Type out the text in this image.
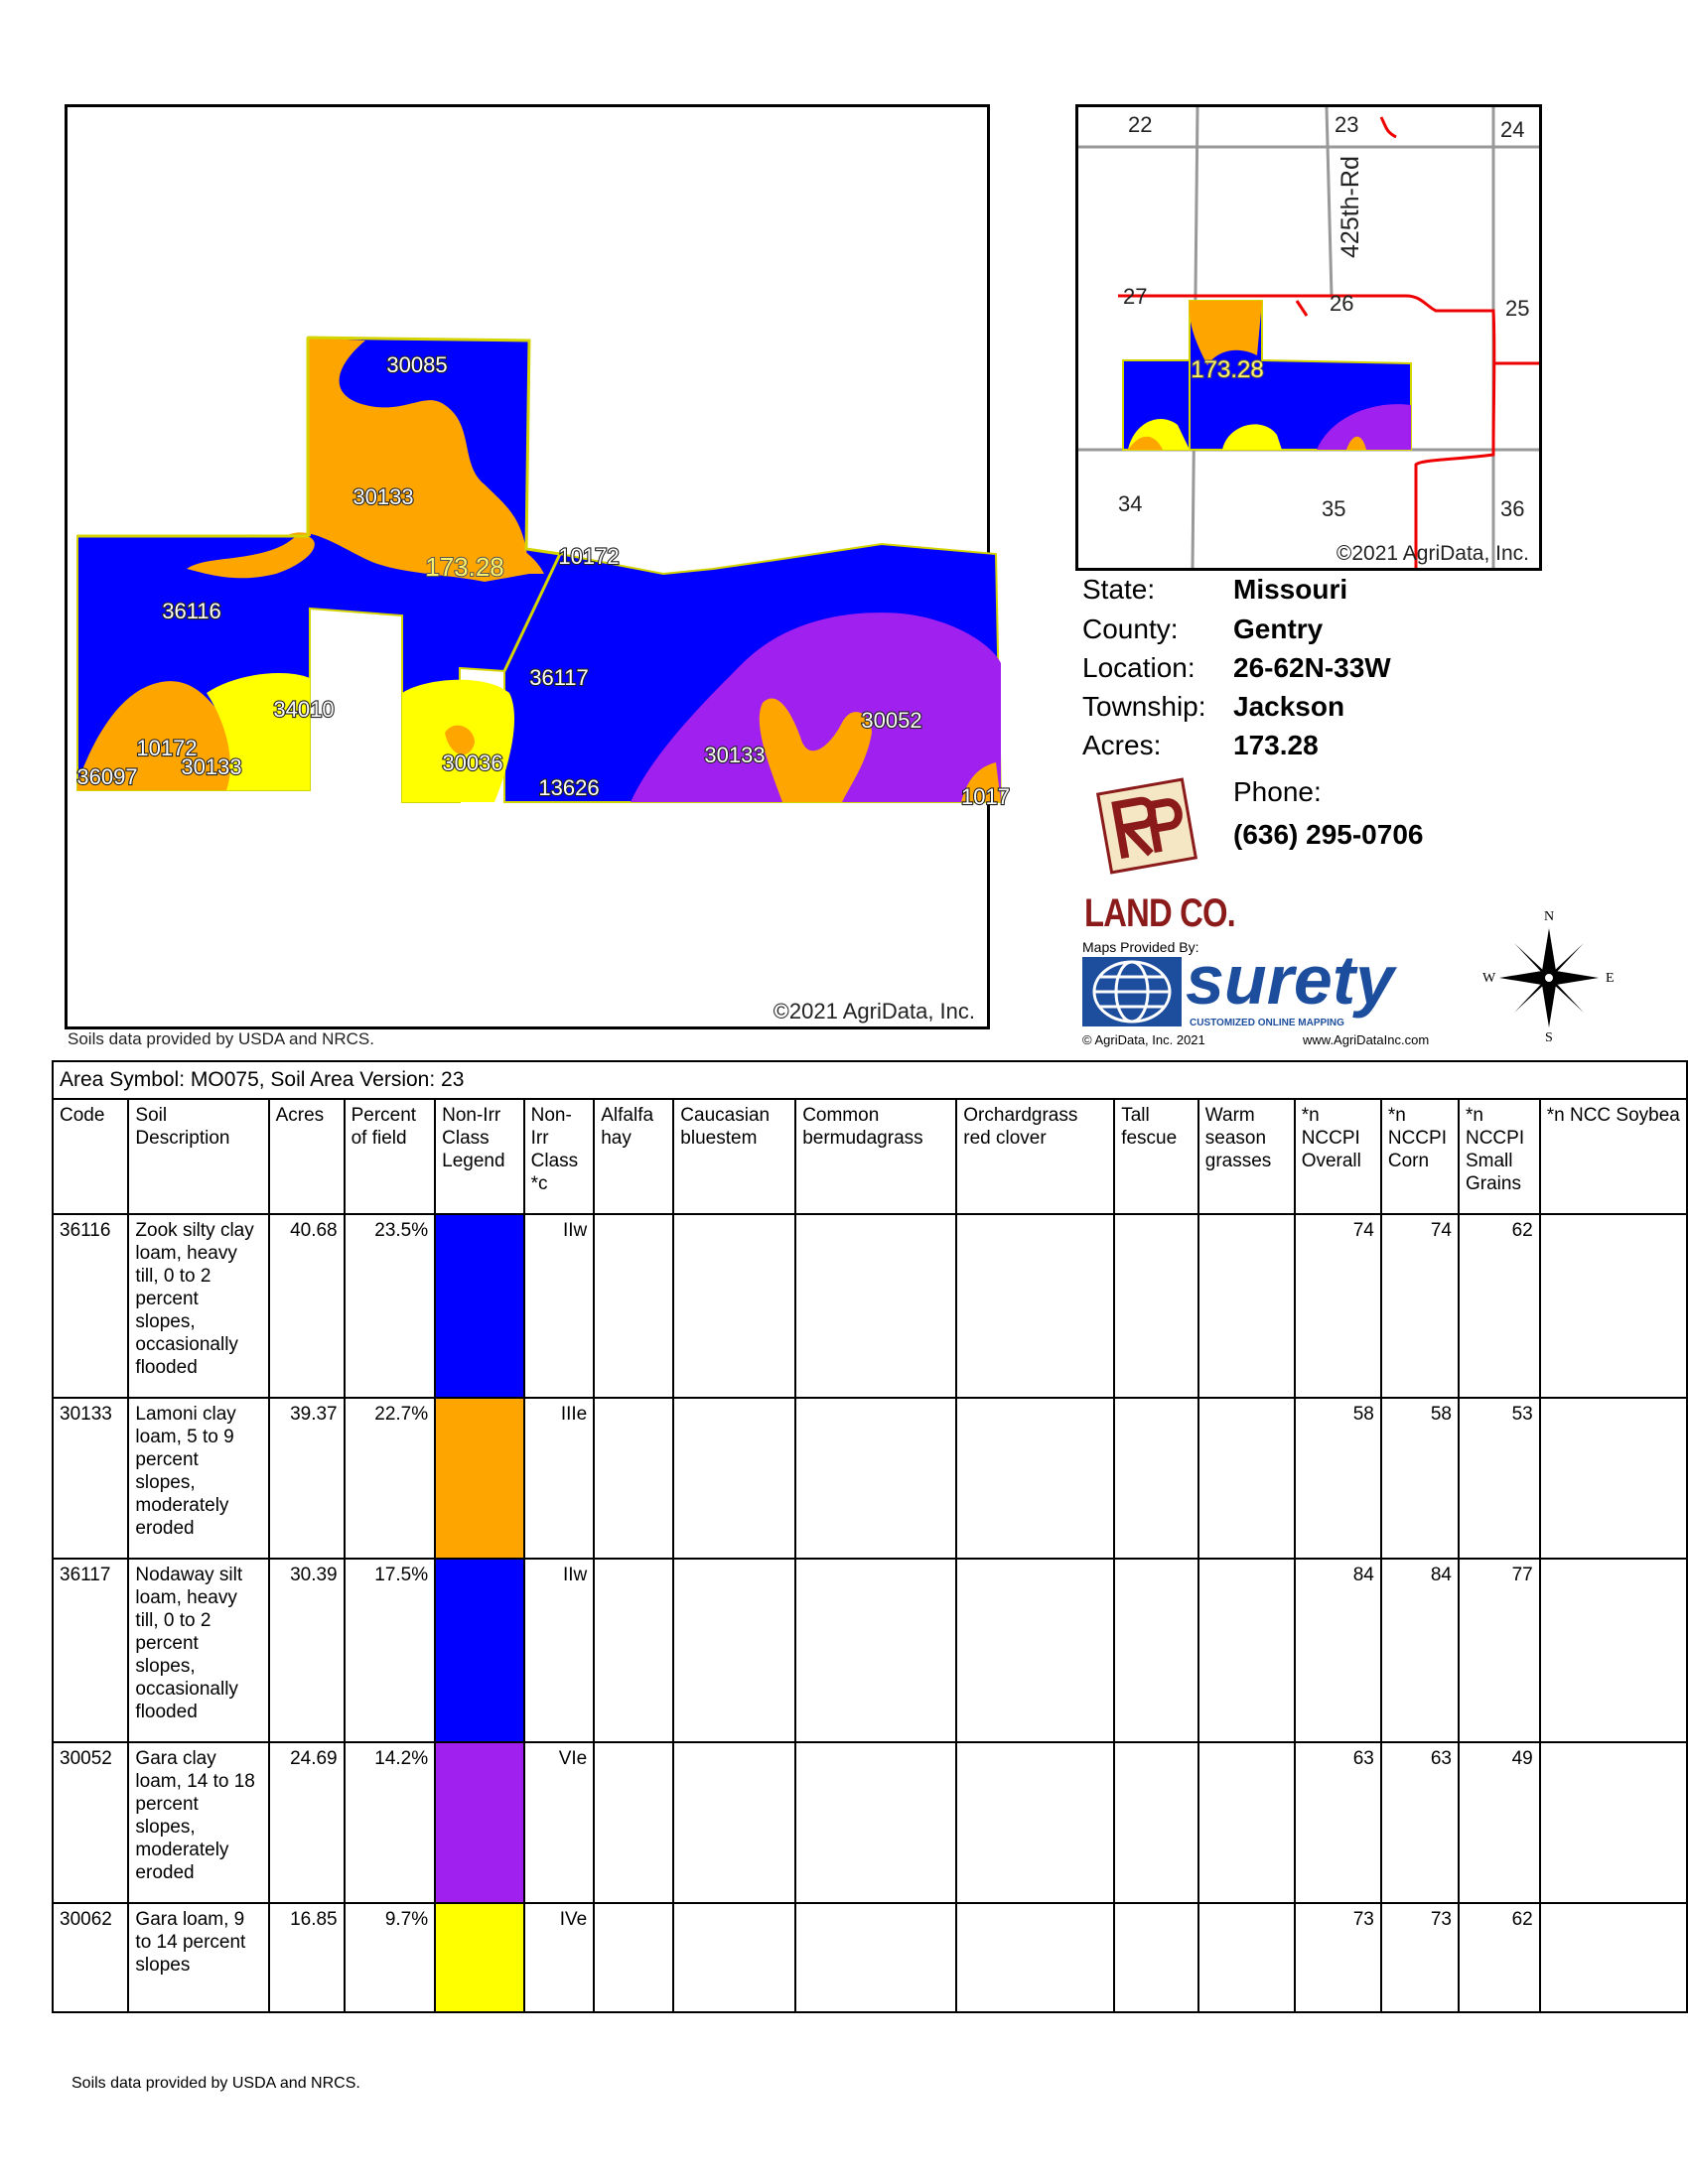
30085
30133
10172
36116
36117
34010
10172
30133
36097
30036
13626
30133
30052
1017
173.28
©2021 AgriData, Inc.
Soils data provided by USDA and NRCS.
173.28
22	23	24
27	26	25
34	35	36
425th-Rd
©2021 AgriData, Inc.
State:	Missouri
County: Gentry
Location: 26-62N-33W
Township: Jackson
Acres:	173.28
Phone:
(636) 295-0706
LAND CO.
Maps Provided By:
surety
CUSTOMIZED ONLINE MAPPING
© AgriData, Inc. 2021	www.AgriDataInc.com
N
S
E
W
Area Symbol: MO075, Soil Area Version: 23															
Code	Soil Description	Acres	Percent of field	Non-Irr Class Legend	Non-Irr Class *c	Alfalfa hay	Caucasian bluestem	Common bermudagrass	Orchardgrass red clover	Tall fescue	Warm season grasses	*n NCCPI Overall	*n NCCPI Corn	*n NCCPI Small Grains	*n NCC Soybea
36116	Zook silty clay loam, heavy till, 0 to 2 percent slopes, occasionally flooded	40.68	23.5%		IIw							74	74	62	
30133	Lamoni clay loam, 5 to 9 percent slopes, moderately eroded	39.37	22.7%		IIIe							58	58	53	
36117	Nodaway silt loam, heavy till, 0 to 2 percent slopes, occasionally flooded	30.39	17.5%		IIw							84	84	77	
30052	Gara clay loam, 14 to 18 percent slopes, moderately eroded	24.69	14.2%		VIe							63	63	49	
30062	Gara loam, 9 to 14 percent slopes	16.85	9.7%		IVe							73	73	62	
Soils data provided by USDA and NRCS.
